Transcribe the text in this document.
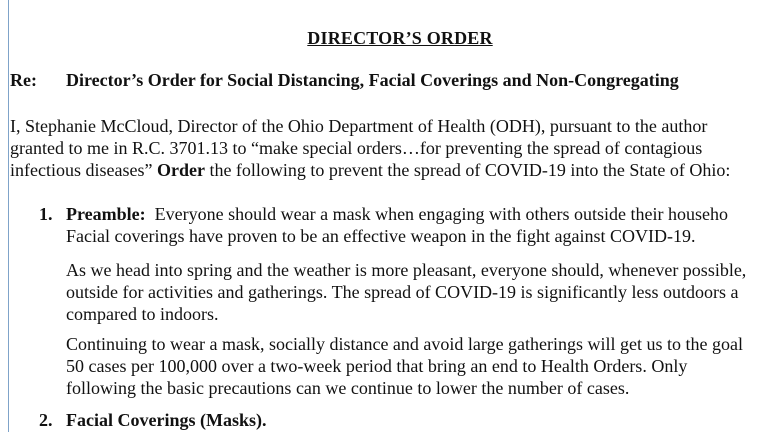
DIRECTOR’S ORDER
Re: Director’s Order for Social Distancing, Facial Coverings and Non-Congregating
I, Stephanie McCloud, Director of the Ohio Department of Health (ODH), pursuant to the author
granted to me in R.C. 3701.13 to “make special orders…for preventing the spread of contagious
infectious diseases” Order the following to prevent the spread of COVID-19 into the State of Ohio:
1. Preamble:  Everyone should wear a mask when engaging with others outside their househo
Facial coverings have proven to be an effective weapon in the fight against COVID-19.
As we head into spring and the weather is more pleasant, everyone should, whenever possible,
outside for activities and gatherings. The spread of COVID-19 is significantly less outdoors a
compared to indoors.
Continuing to wear a mask, socially distance and avoid large gatherings will get us to the goal
50 cases per 100,000 over a two-week period that bring an end to Health Orders. Only
following the basic precautions can we continue to lower the number of cases.
2. Facial Coverings (Masks).
